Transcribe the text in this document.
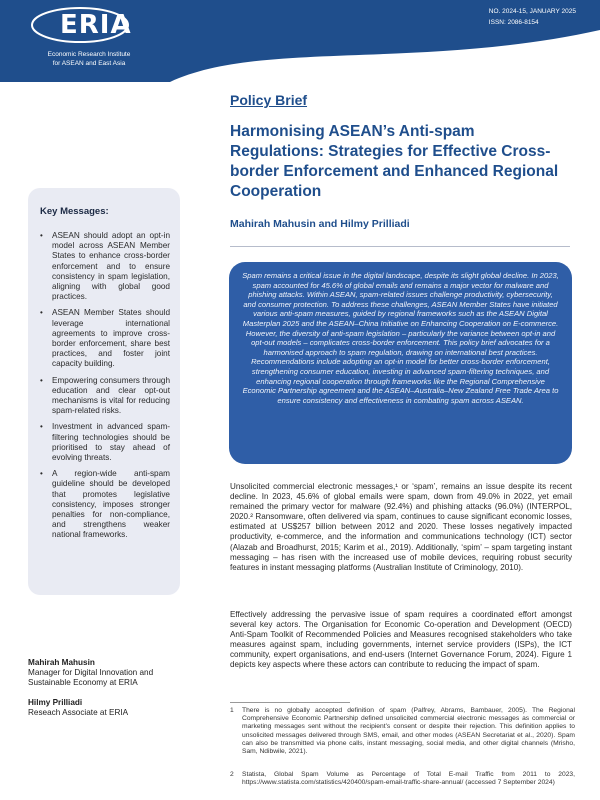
ERIA
Economic Research Institute
for ASEAN and East Asia
NO. 2024-15, JANUARY 2025
ISSN: 2086-8154
Key Messages:
• ASEAN should adopt an opt-in model across ASEAN Member States to enhance cross-border enforcement and to ensure consistency in spam legislation, aligning with global good practices.
• ASEAN Member States should leverage international agreements to improve cross-border enforcement, share best practices, and foster joint capacity building.
• Empowering consumers through education and clear opt-out mechanisms is vital for reducing spam-related risks.
• Investment in advanced spam-filtering technologies should be prioritised to stay ahead of evolving threats.
• A region-wide anti-spam guideline should be developed that promotes legislative consistency, imposes stronger penalties for non-compliance, and strengthens weaker national frameworks.
Mahirah Mahusin
Manager for Digital Innovation and Sustainable Economy at ERIA
Hilmy Prilliadi
Reseach Associate at ERIA
Policy Brief
Harmonising ASEAN’s Anti-spam Regulations: Strategies for Effective Cross-border Enforcement and Enhanced Regional Cooperation
Mahirah Mahusin and Hilmy Prilliadi
Spam remains a critical issue in the digital landscape, despite its slight global decline. In 2023, spam accounted for 45.6% of global emails and remains a major vector for malware and phishing attacks. Within ASEAN, spam-related issues challenge productivity, cybersecurity, and consumer protection. To address these challenges, ASEAN Member States have initiated various anti-spam measures, guided by regional frameworks such as the ASEAN Digital Masterplan 2025 and the ASEAN–China Initiative on Enhancing Cooperation on E-commerce. However, the diversity of anti-spam legislation – particularly the variance between opt-in and opt-out models – complicates cross-border enforcement. This policy brief advocates for a harmonised approach to spam regulation, drawing on international best practices. Recommendations include adopting an opt-in model for better cross-border enforcement, strengthening consumer education, investing in advanced spam-filtering techniques, and enhancing regional cooperation through frameworks like the Regional Comprehensive Economic Partnership agreement and the ASEAN–Australia–New Zealand Free Trade Area to ensure consistency and effectiveness in combating spam across ASEAN.
Unsolicited commercial electronic messages,¹ or ‘spam’, remains an issue despite its recent decline. In 2023, 45.6% of global emails were spam, down from 49.0% in 2022, yet email remained the primary vector for malware (92.4%) and phishing attacks (96.0%) (INTERPOL, 2020.² Ransomware, often delivered via spam, continues to cause significant economic losses, estimated at US$257 billion between 2012 and 2020. These losses negatively impacted productivity, e-commerce, and the information and communications technology (ICT) sector (Alazab and Broadhurst, 2015; Karim et al., 2019). Additionally, ‘spim’ – spam targeting instant messaging – has risen with the increased use of mobile devices, requiring robust security features in instant messaging platforms (Australian Institute of Criminology, 2010).
Effectively addressing the pervasive issue of spam requires a coordinated effort amongst several key actors. The Organisation for Economic Co-operation and Development (OECD) Anti-Spam Toolkit of Recommended Policies and Measures recognised stakeholders who take measures against spam, including governments, internet service providers (ISPs), the ICT community, expert organisations, and end-users (Internet Governance Forum, 2024). Figure 1 depicts key aspects where these actors can contribute to reducing the impact of spam.
1 There is no globally accepted definition of spam (Palfrey, Abrams, Bambauer, 2005). The Regional Comprehensive Economic Partnership defined unsolicited commercial electronic messages as commercial or marketing messages sent without the recipient’s consent or despite their rejection. This definition applies to unsolicited messages delivered through SMS, email, and other modes (ASEAN Secretariat et al., 2020). Spam can also be transmitted via phone calls, instant messaging, social media, and other digital channels (Mrisho, Sam, Ndibwile, 2021).
2 Statista, Global Spam Volume as Percentage of Total E-mail Traffic from 2011 to 2023, https://www.statista.com/statistics/420400/spam-email-traffic-share-annual/ (accessed 7 September 2024)
